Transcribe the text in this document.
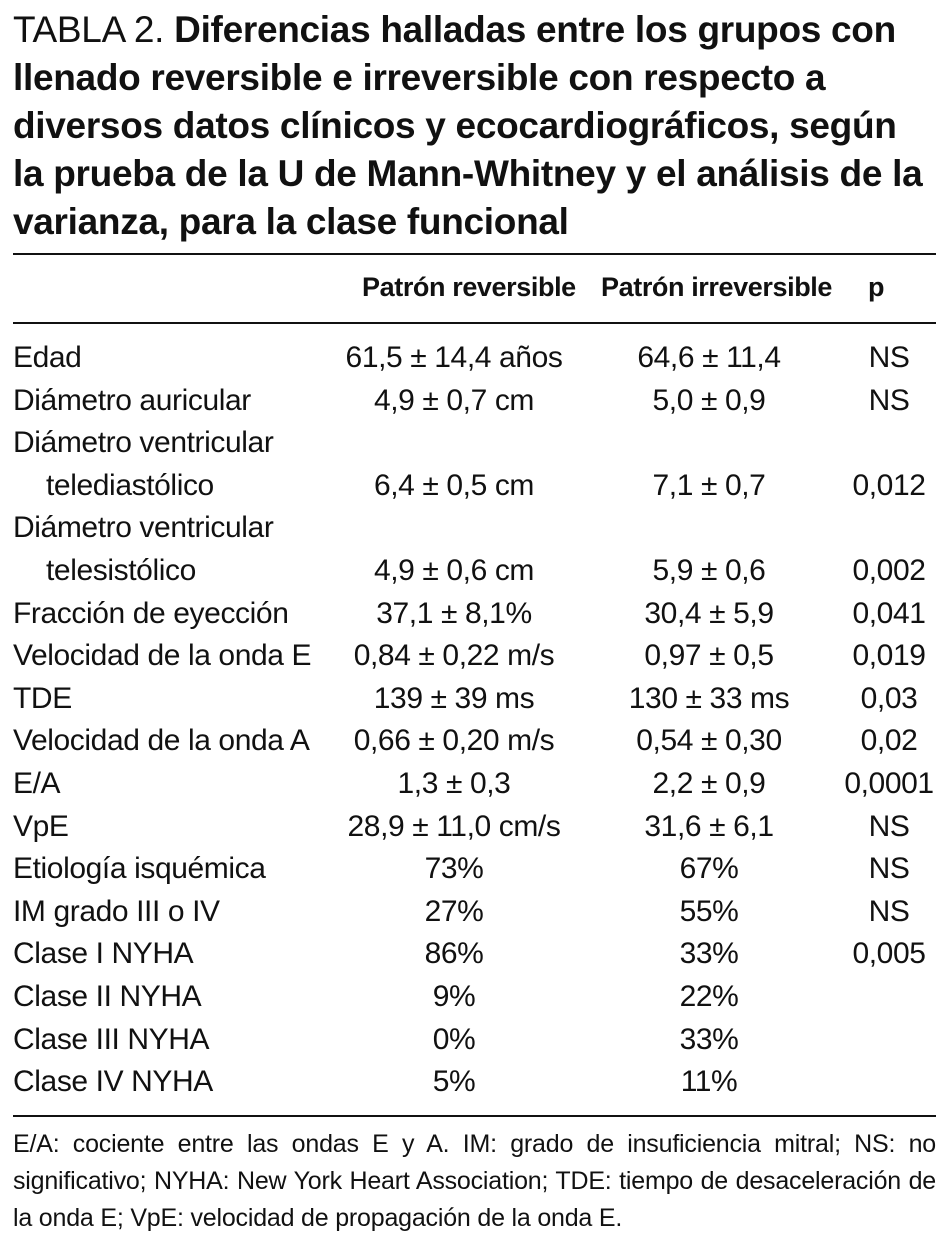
TABLA 2. Diferencias halladas entre los grupos con llenado reversible e irreversible con respecto a diversos datos clínicos y ecocardiográficos, según la prueba de la U de Mann-Whitney y el análisis de la varianza, para la clase funcional
Patrón reversible Patrón irreversible p
Edad	61,5 ± 14,4 años	64,6 ± 11,4	NS
Diámetro auricular	4,9 ± 0,7 cm	5,0 ± 0,9	NS
Diámetro ventricular
telediastólico	6,4 ± 0,5 cm	7,1 ± 0,7	0,012
Diámetro ventricular
telesistólico	4,9 ± 0,6 cm	5,9 ± 0,6	0,002
Fracción de eyección	37,1 ± 8,1%	30,4 ± 5,9	0,041
Velocidad de la onda E	0,84 ± 0,22 m/s	0,97 ± 0,5	0,019
TDE	139 ± 39 ms	130 ± 33 ms	0,03
Velocidad de la onda A	0,66 ± 0,20 m/s	0,54 ± 0,30	0,02
E/A	1,3 ± 0,3	2,2 ± 0,9	0,0001
VpE	28,9 ± 11,0 cm/s	31,6 ± 6,1	NS
Etiología isquémica	73%	67%	NS
IM grado III o IV	27%	55%	NS
Clase I NYHA	86%	33%	0,005
Clase II NYHA	9%	22%
Clase III NYHA	0%	33%
Clase IV NYHA	5%	11%
E/A: cociente entre las ondas E y A. IM: grado de insuficiencia mitral; NS: no significativo; NYHA: New York Heart Association; TDE: tiempo de desaceleración de la onda E; VpE: velocidad de propagación de la onda E.
